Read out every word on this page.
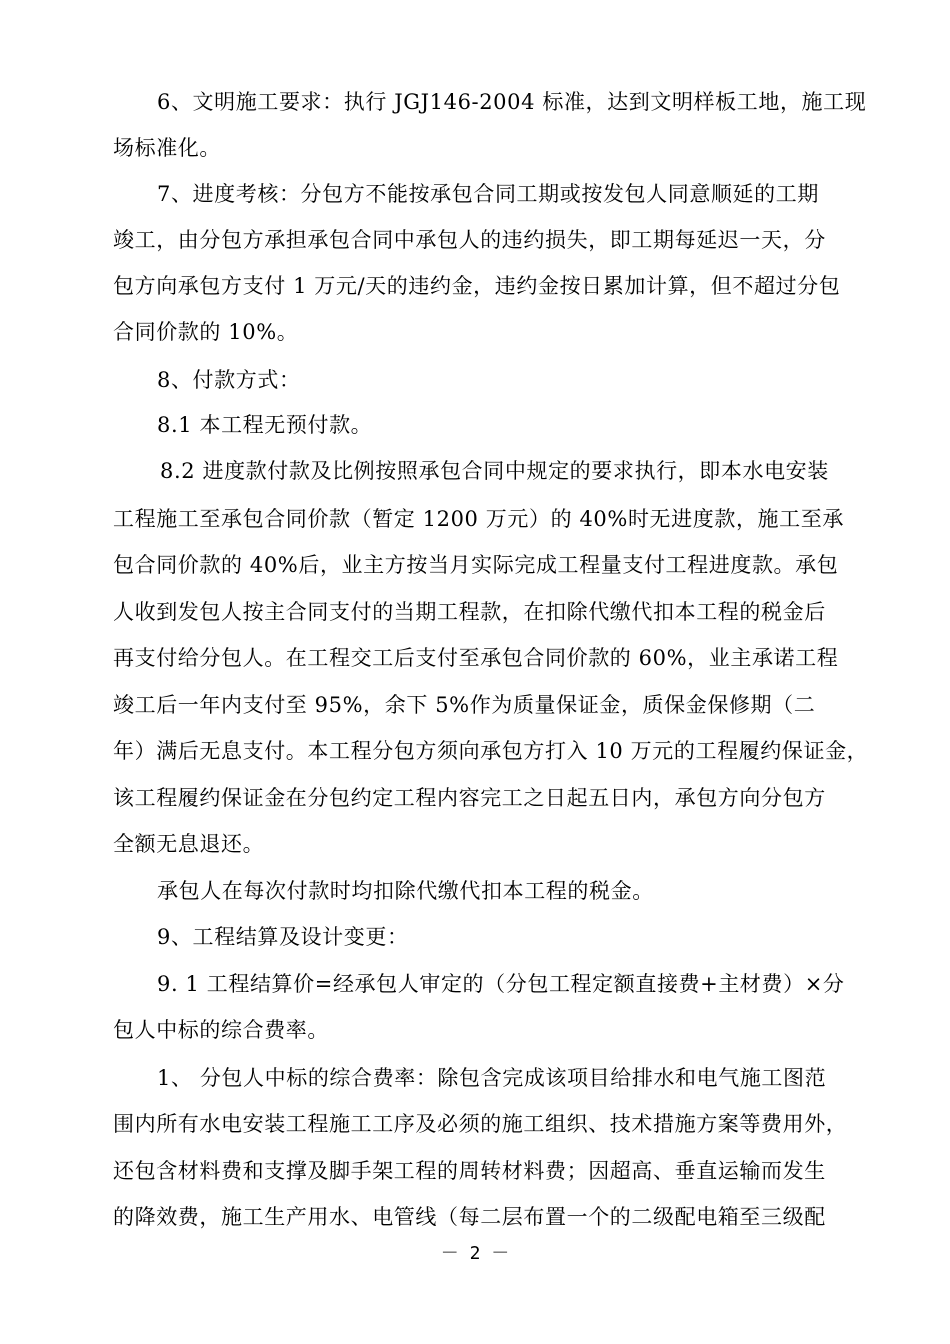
6、文明施工要求：执行 JGJ146-2004 标准，达到文明样板工地，施工现
场标准化。
7、进度考核：分包方不能按承包合同工期或按发包人同意顺延的工期
竣工，由分包方承担承包合同中承包人的违约损失，即工期每延迟一天，分
包方向承包方支付 1 万元/天的违约金，违约金按日累加计算，但不超过分包
合同价款的 10%。
8、付款方式：
8.1 本工程无预付款。
8.2 进度款付款及比例按照承包合同中规定的要求执行，即本水电安装
工程施工至承包合同价款（暂定 1200 万元）的 40%时无进度款，施工至承
包合同价款的 40%后，业主方按当月实际完成工程量支付工程进度款。承包
人收到发包人按主合同支付的当期工程款，在扣除代缴代扣本工程的税金后
再支付给分包人。在工程交工后支付至承包合同价款的 60%，业主承诺工程
竣工后一年内支付至 95%，余下 5%作为质量保证金，质保金保修期（二
年）满后无息支付。本工程分包方须向承包方打入 10 万元的工程履约保证金，
该工程履约保证金在分包约定工程内容完工之日起五日内，承包方向分包方
全额无息退还。
承包人在每次付款时均扣除代缴代扣本工程的税金。
9、工程结算及设计变更：
9. 1 工程结算价=经承包人审定的（分包工程定额直接费+主材费）×分
包人中标的综合费率。
1、 分包人中标的综合费率：除包含完成该项目给排水和电气施工图范
围内所有水电安装工程施工工序及必须的施工组织、技术措施方案等费用外，
还包含材料费和支撑及脚手架工程的周转材料费；因超高、垂直运输而发生
的降效费，施工生产用水、电管线（每二层布置一个的二级配电箱至三级配
－ 2 －
